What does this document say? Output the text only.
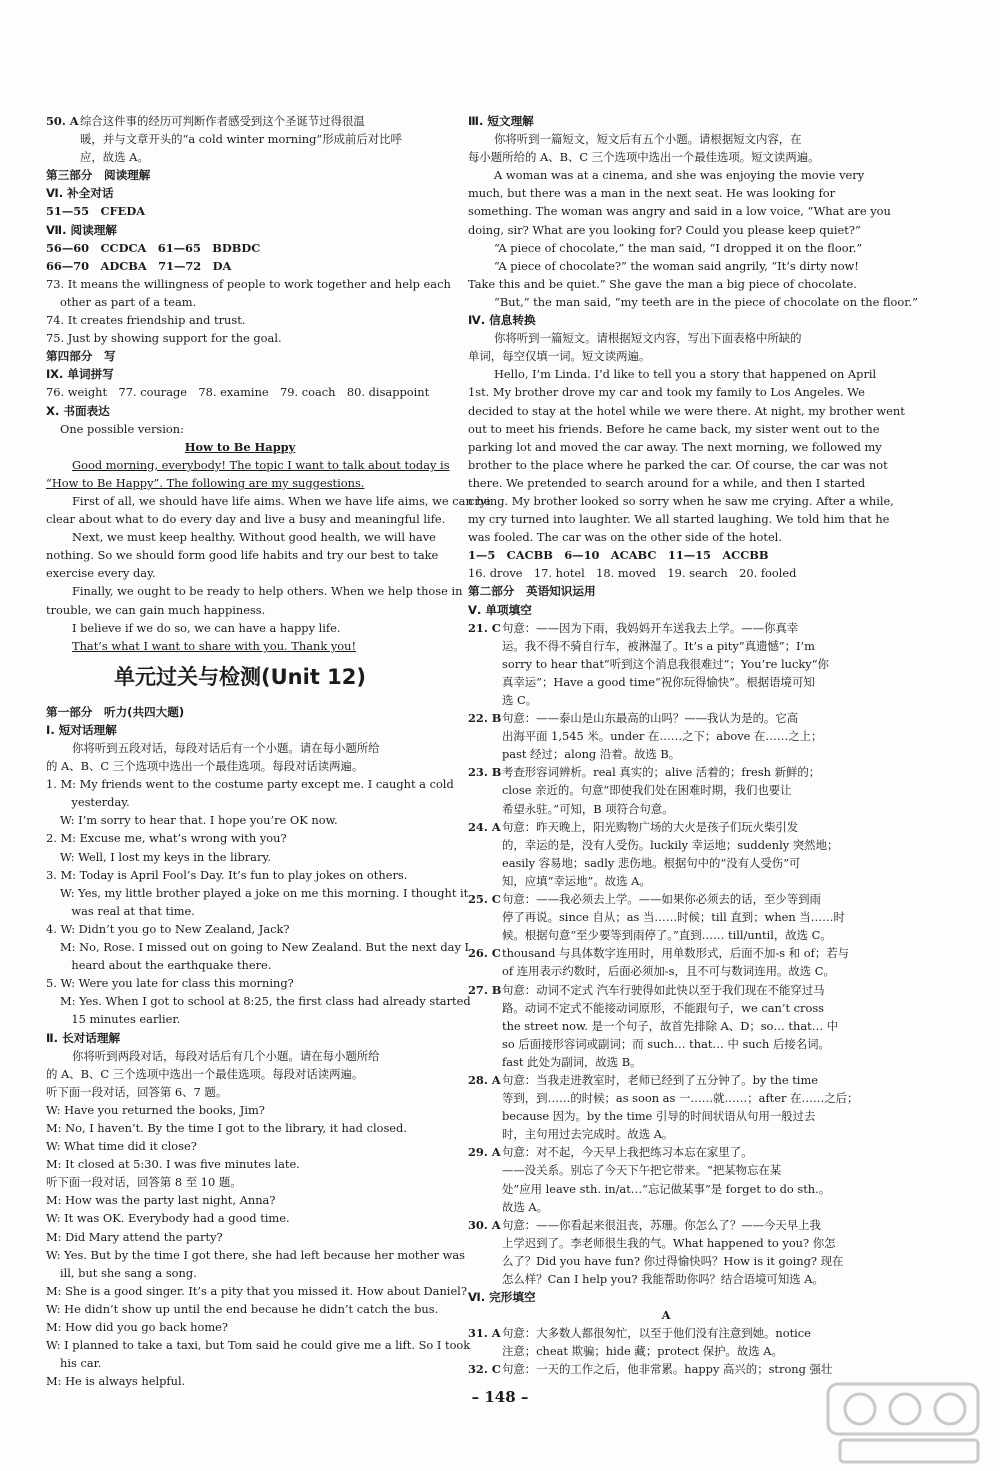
50. A 综合这件事的经历可判断作者感受到这个圣诞节过得很温
暖，并与文章开头的“a cold winter morning”形成前后对比呼
应，故选 A。
第三部分　阅读理解
Ⅵ. 补全对话
51—55　CFEDA
Ⅶ. 阅读理解
56—60　CCDCA　61—65　BDBDC
66—70　ADCBA　71—72　DA
73. It means the willingness of people to work together and help each
other as part of a team.
74. It creates friendship and trust.
75. Just by showing support for the goal.
第四部分　写
Ⅸ. 单词拼写
76. weight　77. courage　78. examine　79. coach　80. disappoint
Ⅹ. 书面表达
One possible version:
How to Be Happy
Good morning, everybody! The topic I want to talk about today is
“How to Be Happy”. The following are my suggestions.
First of all, we should have life aims. When we have life aims, we can be
clear about what to do every day and live a busy and meaningful life.
Next, we must keep healthy. Without good health, we will have
nothing. So we should form good life habits and try our best to take
exercise every day.
Finally, we ought to be ready to help others. When we help those in
trouble, we can gain much happiness.
I believe if we do so, we can have a happy life.
That’s what I want to share with you. Thank you!
单元过关与检测(Unit 12)
第一部分　听力(共四大题)
Ⅰ. 短对话理解
你将听到五段对话，每段对话后有一个小题。请在每小题所给
的 A、B、C 三个选项中选出一个最佳选项。每段对话读两遍。
1. M: My friends went to the costume party except me. I caught a cold
　yesterday.
W: I’m sorry to hear that. I hope you’re OK now.
2. M: Excuse me, what’s wrong with you?
W: Well, I lost my keys in the library.
3. M: Today is April Fool’s Day. It’s fun to play jokes on others.
W: Yes, my little brother played a joke on me this morning. I thought it
　was real at that time.
4. W: Didn’t you go to New Zealand, Jack?
M: No, Rose. I missed out on going to New Zealand. But the next day I
　heard about the earthquake there.
5. W: Were you late for class this morning?
M: Yes. When I got to school at 8:25, the first class had already started
　15 minutes earlier.
Ⅱ. 长对话理解
你将听到两段对话，每段对话后有几个小题。请在每小题所给
的 A、B、C 三个选项中选出一个最佳选项。每段对话读两遍。
听下面一段对话，回答第 6、7 题。
W: Have you returned the books, Jim?
M: No, I haven’t. By the time I got to the library, it had closed.
W: What time did it close?
M: It closed at 5:30. I was five minutes late.
听下面一段对话，回答第 8 至 10 题。
M: How was the party last night, Anna?
W: It was OK. Everybody had a good time.
M: Did Mary attend the party?
W: Yes. But by the time I got there, she had left because her mother was
ill, but she sang a song.
M: She is a good singer. It’s a pity that you missed it. How about Daniel?
W: He didn’t show up until the end because he didn’t catch the bus.
M: How did you go back home?
W: I planned to take a taxi, but Tom said he could give me a lift. So I took
his car.
M: He is always helpful.
Ⅲ. 短文理解
你将听到一篇短文，短文后有五个小题。请根据短文内容，在
每小题所给的 A、B、C 三个选项中选出一个最佳选项。短文读两遍。
A woman was at a cinema, and she was enjoying the movie very
much, but there was a man in the next seat. He was looking for
something. The woman was angry and said in a low voice, “What are you
doing, sir? What are you looking for? Could you please keep quiet?”
“A piece of chocolate,” the man said, “I dropped it on the floor.”
“A piece of chocolate?” the woman said angrily, “It’s dirty now!
Take this and be quiet.” She gave the man a big piece of chocolate.
“But,” the man said, “my teeth are in the piece of chocolate on the floor.”
Ⅳ. 信息转换
你将听到一篇短文。请根据短文内容，写出下面表格中所缺的
单词，每空仅填一词。短文读两遍。
Hello, I’m Linda. I’d like to tell you a story that happened on April
1st. My brother drove my car and took my family to Los Angeles. We
decided to stay at the hotel while we were there. At night, my brother went
out to meet his friends. Before he came back, my sister went out to the
parking lot and moved the car away. The next morning, we followed my
brother to the place where he parked the car. Of course, the car was not
there. We pretended to search around for a while, and then I started
crying. My brother looked so sorry when he saw me crying. After a while,
my cry turned into laughter. We all started laughing. We told him that he
was fooled. The car was on the other side of the hotel.
1—5　CACBB　6—10　ACABC　11—15　ACCBB
16. drove　17. hotel　18. moved　19. search　20. fooled
第二部分　英语知识运用
Ⅴ. 单项填空
21. C 句意：——因为下雨，我妈妈开车送我去上学。——你真幸
运。我不得不骑自行车，被淋湿了。It’s a pity“真遗憾”；I’m
sorry to hear that“听到这个消息我很难过”；You’re lucky“你
真幸运”；Have a good time“祝你玩得愉快”。根据语境可知
选 C。
22. B 句意：——泰山是山东最高的山吗？——我认为是的。它高
出海平面 1,545 米。under 在……之下；above 在……之上；
past 经过；along 沿着。故选 B。
23. B 考查形容词辨析。real 真实的；alive 活着的；fresh 新鲜的；
close 亲近的。句意“即使我们处在困难时期，我们也要让
希望永驻。”可知，B 项符合句意。
24. A 句意：昨天晚上，阳光购物广场的大火是孩子们玩火柴引发
的，幸运的是，没有人受伤。luckily 幸运地；suddenly 突然地；
easily 容易地；sadly 悲伤地。根据句中的“没有人受伤”可
知，应填“幸运地”。故选 A。
25. C 句意：——我必须去上学。——如果你必须去的话，至少等到雨
停了再说。since 自从；as 当……时候；till 直到；when 当……时
候。根据句意“至少要等到雨停了。”直到…… till/until，故选 C。
26. C thousand 与具体数字连用时，用单数形式，后面不加-s 和 of；若与
of 连用表示约数时，后面必须加-s，且不可与数词连用。故选 C。
27. B 句意：动词不定式 汽车行驶得如此快以至于我们现在不能穿过马
路。动词不定式不能接动词原形，不能跟句子，we can’t cross
the street now. 是一个句子，故首先排除 A、D；so… that… 中
so 后面接形容词或副词；而 such… that… 中 such 后接名词。
fast 此处为副词，故选 B。
28. A 句意：当我走进教室时，老师已经到了五分钟了。by the time
等到，到……的时候；as soon as 一……就……；after 在……之后；
because 因为。by the time 引导的时间状语从句用一般过去
时，主句用过去完成时。故选 A。
29. A 句意：对不起，今天早上我把练习本忘在家里了。
——没关系。别忘了今天下午把它带来。“把某物忘在某
处”应用 leave sth. in/at…“忘记做某事”是 forget to do sth.。
故选 A。
30. A 句意：——你看起来很沮丧，苏珊。你怎么了？——今天早上我
上学迟到了。李老师很生我的气。What happened to you? 你怎
么了？Did you have fun? 你过得愉快吗？How is it going? 现在
怎么样？Can I help you? 我能帮助你吗？结合语境可知选 A。
Ⅵ. 完形填空
A
31. A 句意：大多数人都很匆忙，以至于他们没有注意到她。notice
注意；cheat 欺骗；hide 藏；protect 保护。故选 A。
32. C 句意：一天的工作之后，他非常累。happy 高兴的；strong 强壮
– 148 –
